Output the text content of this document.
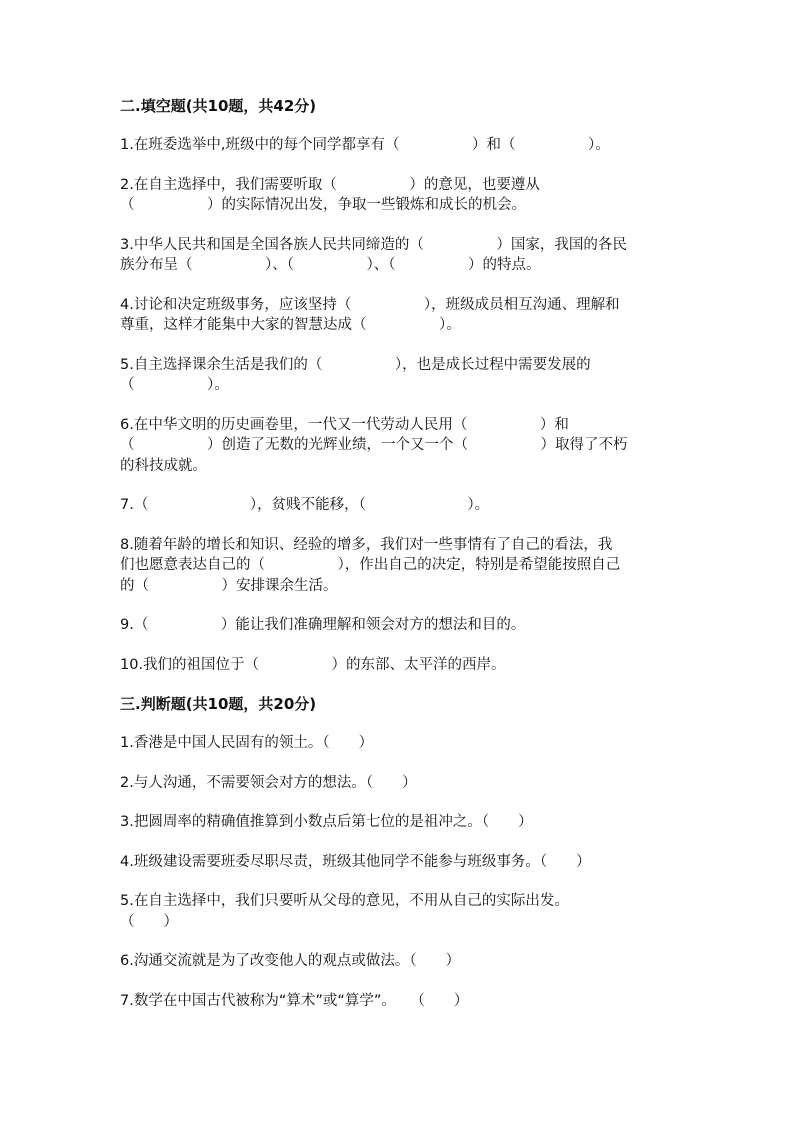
二.填空题(共10题，共42分)

1.在班委选举中,班级中的每个同学都享有（　　　　　）和（　　　　　）。
2.在自主选择中，我们需要听取（　　　　　）的意见，也要遵从
（　　　　　）的实际情况出发，争取一些锻炼和成长的机会。
3.中华人民共和国是全国各族人民共同缔造的（　　　　　）国家，我国的各民
族分布呈（　　　　　）、（　　　　　）、（　　　　　）的特点。
4.讨论和决定班级事务，应该坚持（　　　　　），班级成员相互沟通、理解和
尊重，这样才能集中大家的智慧达成（　　　　　）。
5.自主选择课余生活是我们的（　　　　　），也是成长过程中需要发展的
（　　　　　）。
6.在中华文明的历史画卷里，一代又一代劳动人民用（　　　　　）和
（　　　　　）创造了无数的光辉业绩，一个又一个（　　　　　）取得了不朽
的科技成就。
7.（　　　　　　　），贫贱不能移，（　　　　　　　）。
8.随着年龄的增长和知识、经验的增多，我们对一些事情有了自己的看法，我
们也愿意表达自己的（　　　　　），作出自己的决定，特别是希望能按照自己
的（　　　　　）安排课余生活。
9.（　　　　　）能让我们准确理解和领会对方的想法和目的。
10.我们的祖国位于（　　　　　）的东部、太平洋的西岸。

三.判断题(共10题，共20分)

1.香港是中国人民固有的领土。（　　）
2.与人沟通，不需要领会对方的想法。（　　）
3.把圆周率的精确值推算到小数点后第七位的是祖冲之。（　　）
4.班级建设需要班委尽职尽责，班级其他同学不能参与班级事务。（　　）
5.在自主选择中，我们只要听从父母的意见，不用从自己的实际出发。
（　　）
6.沟通交流就是为了改变他人的观点或做法。（　　）
7.数学在中国古代被称为“算术”或“算学”。　　（　　）
